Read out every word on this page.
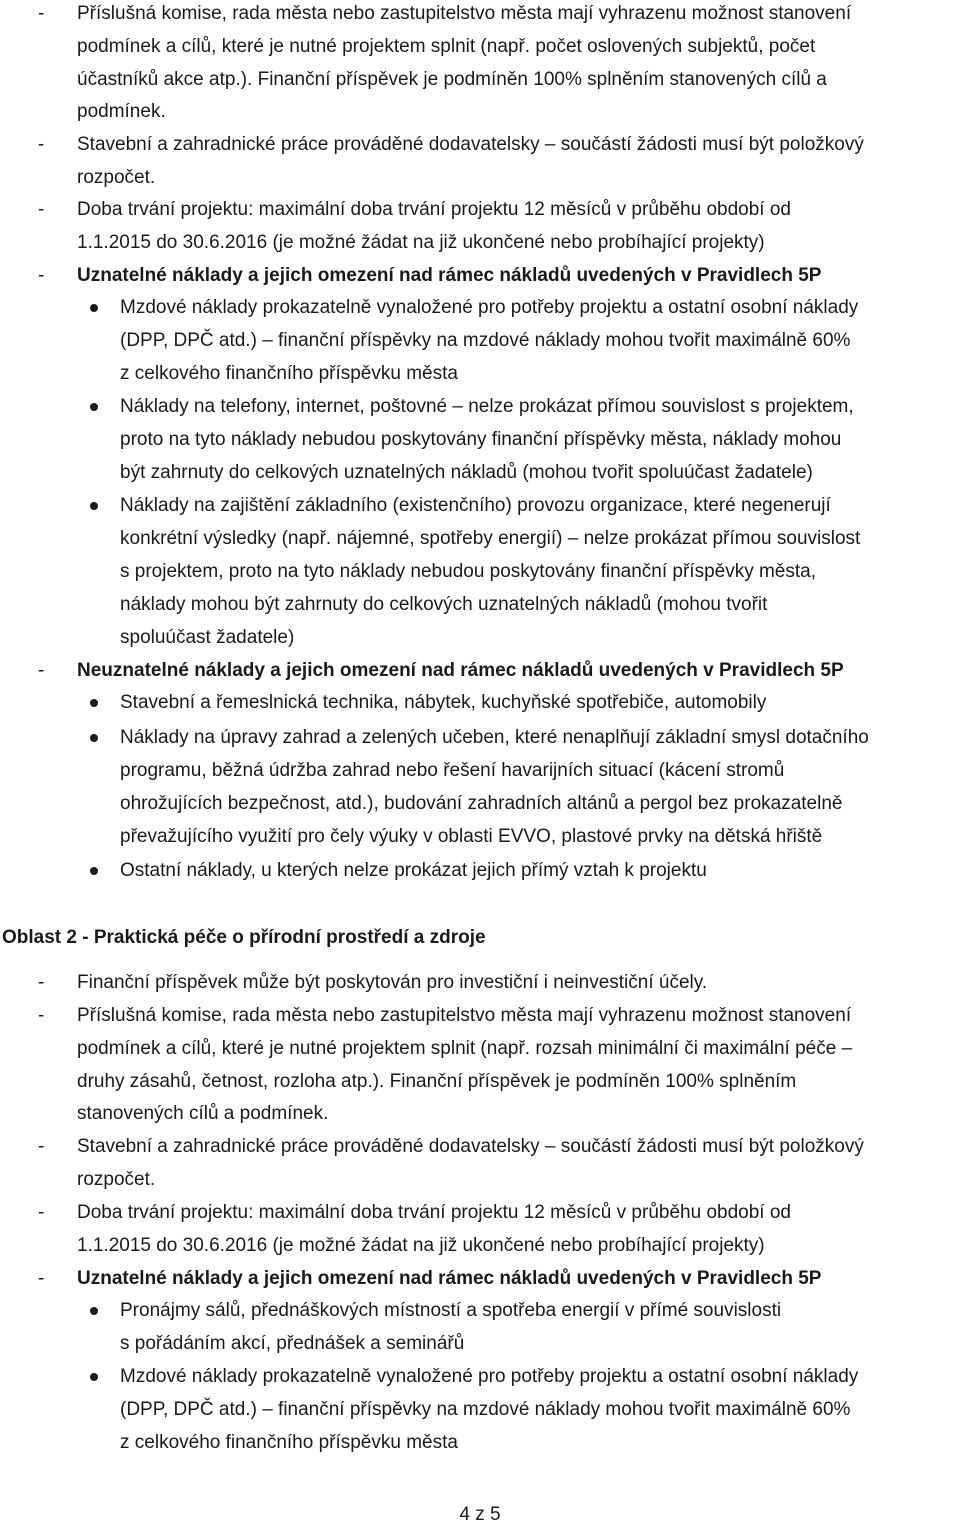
- Příslušná komise, rada města nebo zastupitelstvo města mají vyhrazenu možnost stanovení
podmínek a cílů, které je nutné projektem splnit (např. počet oslovených subjektů, počet
účastníků akce atp.). Finanční příspěvek je podmíněn 100% splněním stanovených cílů a
podmínek.
- Stavební a zahradnické práce prováděné dodavatelsky – součástí žádosti musí být položkový
rozpočet.
- Doba trvání projektu: maximální doba trvání projektu 12 měsíců v průběhu období od
1.1.2015 do 30.6.2016 (je možné žádat na již ukončené nebo probíhající projekty)
- Uznatelné náklady a jejich omezení nad rámec nákladů uvedených v Pravidlech 5P
Mzdové náklady prokazatelně vynaložené pro potřeby projektu a ostatní osobní náklady
(DPP, DPČ atd.) – finanční příspěvky na mzdové náklady mohou tvořit maximálně 60%
z celkového finančního příspěvku města
Náklady na telefony, internet, poštovné – nelze prokázat přímou souvislost s projektem,
proto na tyto náklady nebudou poskytovány finanční příspěvky města, náklady mohou
být zahrnuty do celkových uznatelných nákladů (mohou tvořit spoluúčast žadatele)
Náklady na zajištění základního (existenčního) provozu organizace, které negenerují
konkrétní výsledky (např. nájemné, spotřeby energií) – nelze prokázat přímou souvislost
s projektem, proto na tyto náklady nebudou poskytovány finanční příspěvky města,
náklady mohou být zahrnuty do celkových uznatelných nákladů (mohou tvořit
spoluúčast žadatele)
- Neuznatelné náklady a jejich omezení nad rámec nákladů uvedených v Pravidlech 5P
Stavební a řemeslnická technika, nábytek, kuchyňské spotřebiče, automobily
Náklady na úpravy zahrad a zelených učeben, které nenaplňují základní smysl dotačního
programu, běžná údržba zahrad nebo řešení havarijních situací (kácení stromů
ohrožujících bezpečnost, atd.), budování zahradních altánů a pergol bez prokazatelně
převažujícího využití pro čely výuky v oblasti EVVO, plastové prvky na dětská hřiště
Ostatní náklady, u kterých nelze prokázat jejich přímý vztah k projektu
Oblast 2 - Praktická péče o přírodní prostředí a zdroje
- Finanční příspěvek může být poskytován pro investiční i neinvestiční účely.
- Příslušná komise, rada města nebo zastupitelstvo města mají vyhrazenu možnost stanovení
podmínek a cílů, které je nutné projektem splnit (např. rozsah minimální či maximální péče –
druhy zásahů, četnost, rozloha atp.). Finanční příspěvek je podmíněn 100% splněním
stanovených cílů a podmínek.
- Stavební a zahradnické práce prováděné dodavatelsky – součástí žádosti musí být položkový
rozpočet.
- Doba trvání projektu: maximální doba trvání projektu 12 měsíců v průběhu období od
1.1.2015 do 30.6.2016 (je možné žádat na již ukončené nebo probíhající projekty)
- Uznatelné náklady a jejich omezení nad rámec nákladů uvedených v Pravidlech 5P
Pronájmy sálů, přednáškových místností a spotřeba energií v přímé souvislosti
s pořádáním akcí, přednášek a seminářů
Mzdové náklady prokazatelně vynaložené pro potřeby projektu a ostatní osobní náklady
(DPP, DPČ atd.) – finanční příspěvky na mzdové náklady mohou tvořit maximálně 60%
z celkového finančního příspěvku města
4 z 5
